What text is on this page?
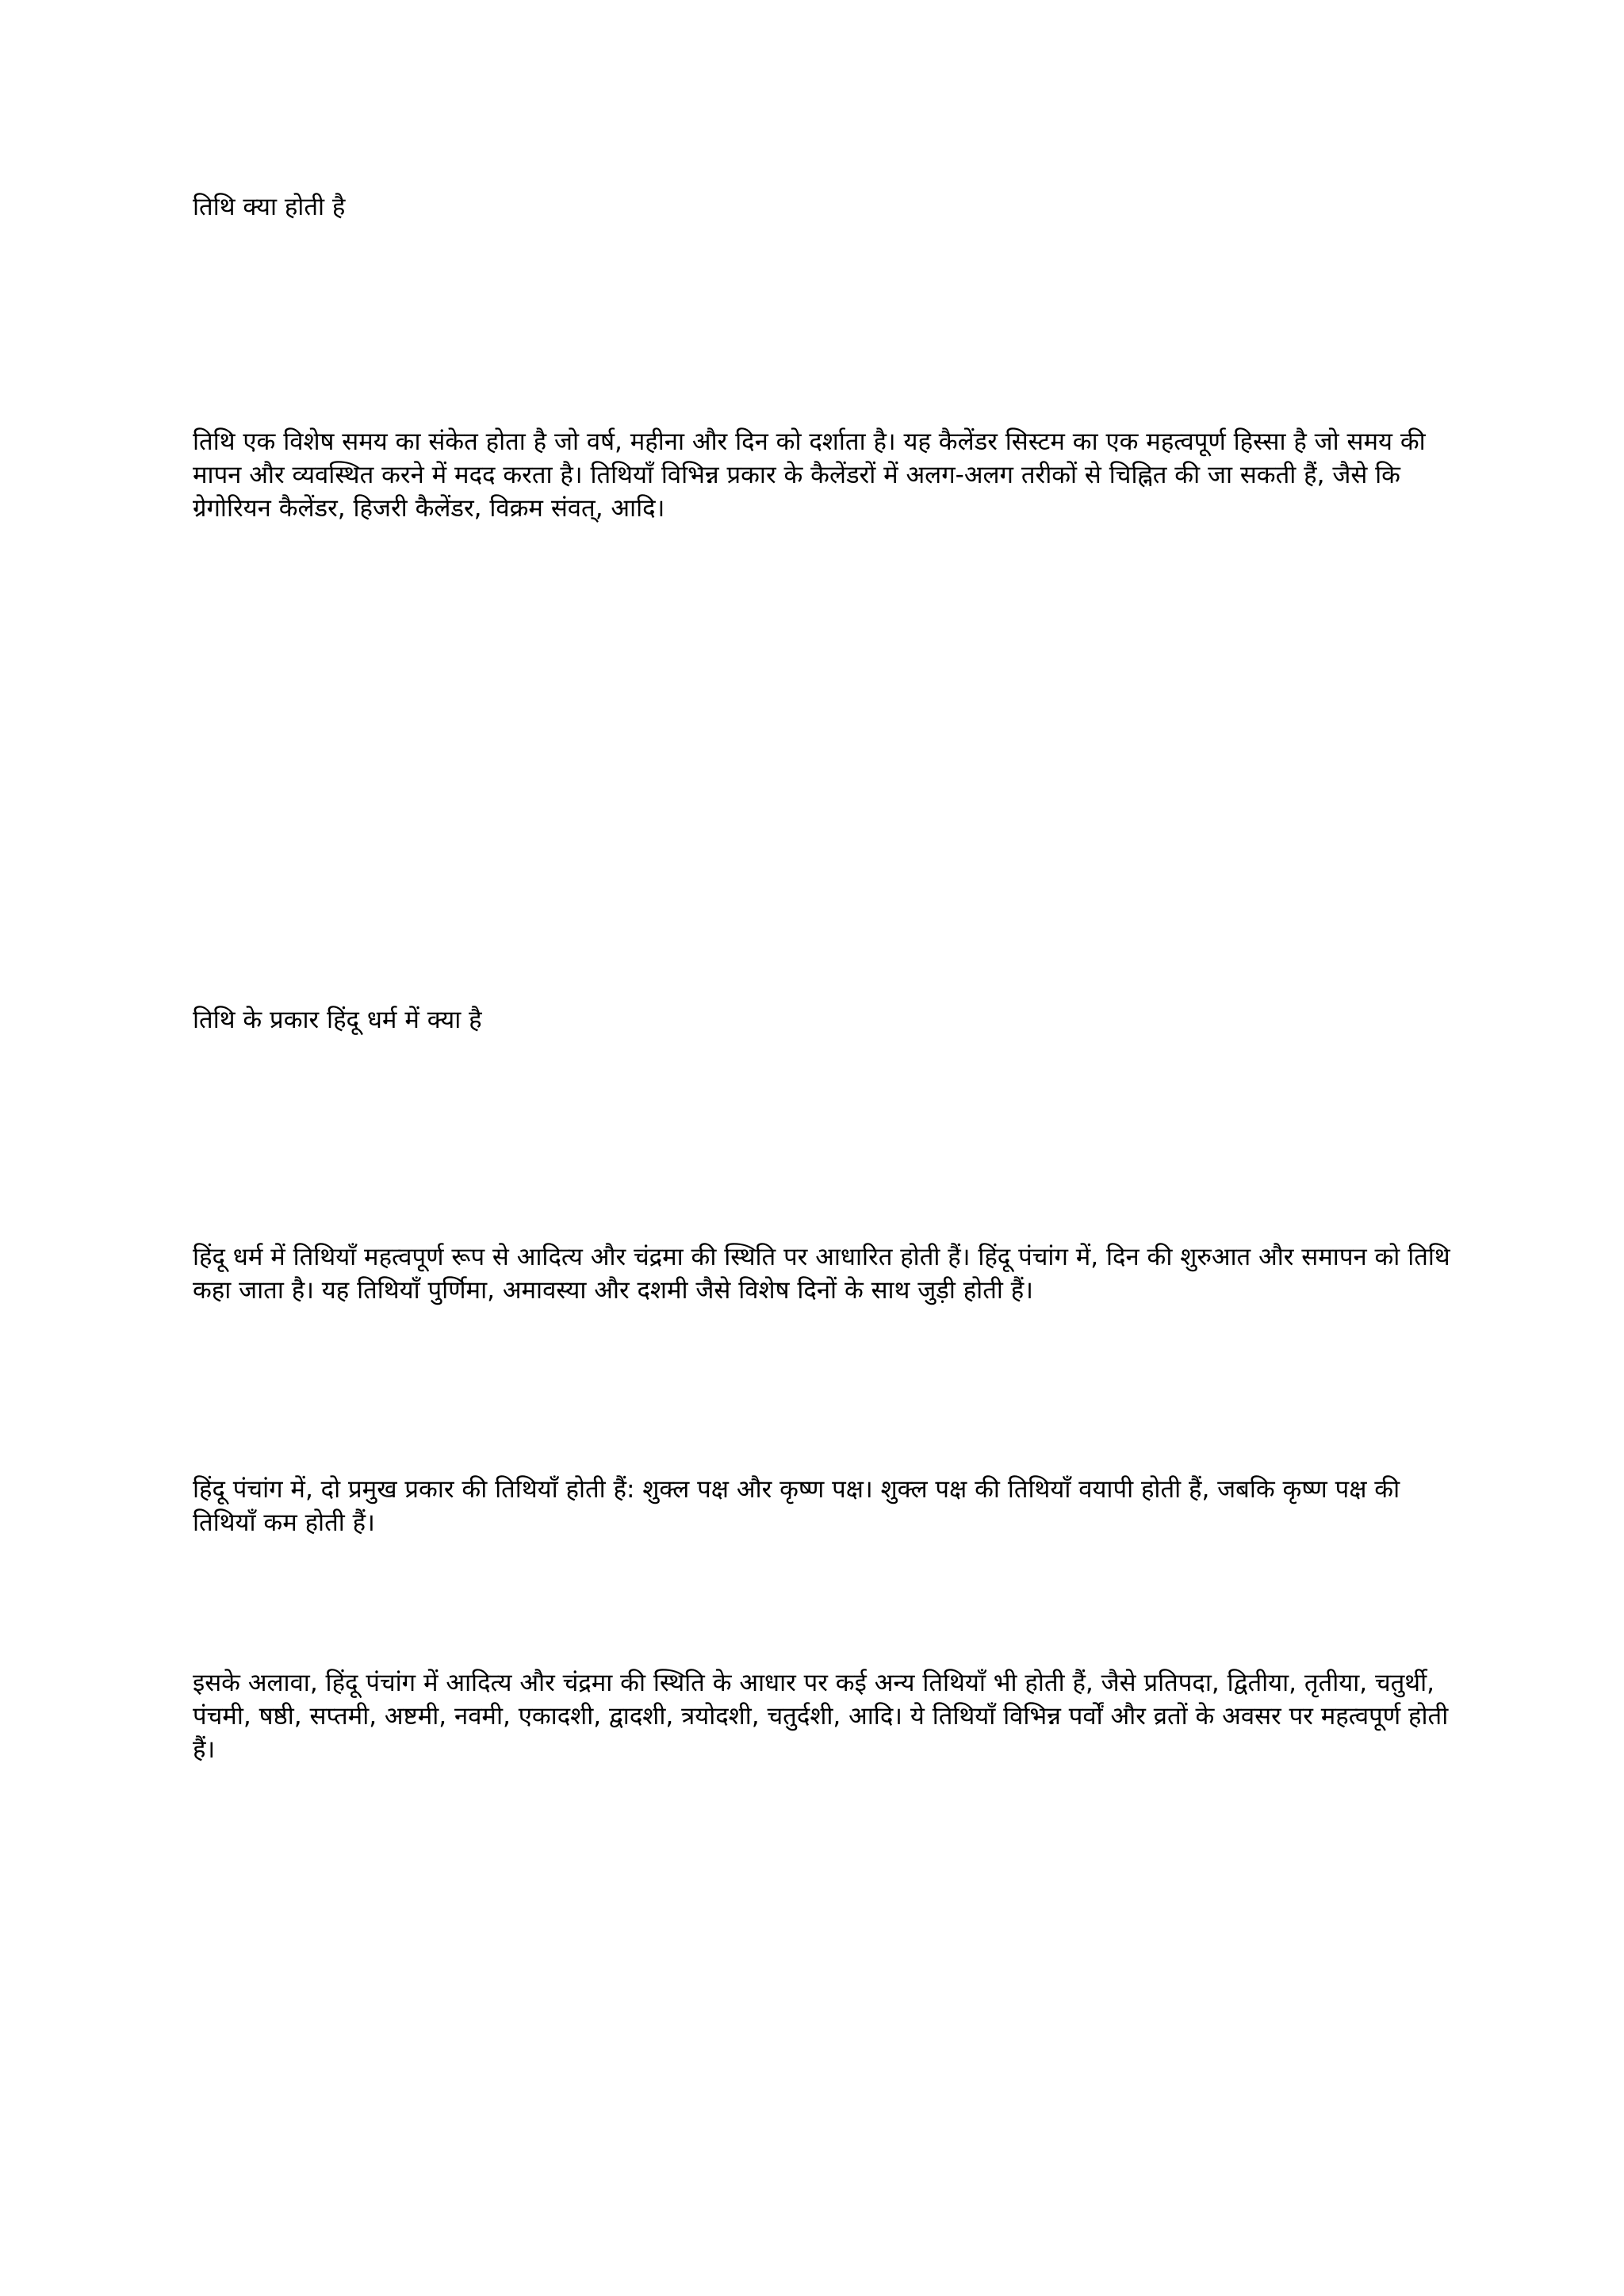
तिथि क्या होती है

तिथि एक विशेष समय का संकेत होता है जो वर्ष, महीना और दिन को दर्शाता है। यह कैलेंडर सिस्टम का एक महत्वपूर्ण हिस्सा है जो समय की मापन और व्यवस्थित करने में मदद करता है। तिथियाँ विभिन्न प्रकार के कैलेंडरों में अलग-अलग तरीकों से चिह्नित की जा सकती हैं, जैसे कि ग्रेगोरियन कैलेंडर, हिजरी कैलेंडर, विक्रम संवत्, आदि।

तिथि के प्रकार हिंदू धर्म में क्या है

हिंदू धर्म में तिथियाँ महत्वपूर्ण रूप से आदित्य और चंद्रमा की स्थिति पर आधारित होती हैं। हिंदू पंचांग में, दिन की शुरुआत और समापन को तिथि कहा जाता है। यह तिथियाँ पुर्णिमा, अमावस्या और दशमी जैसे विशेष दिनों के साथ जुड़ी होती हैं।

हिंदू पंचांग में, दो प्रमुख प्रकार की तिथियाँ होती हैं: शुक्ल पक्ष और कृष्ण पक्ष। शुक्ल पक्ष की तिथियाँ वयापी होती हैं, जबकि कृष्ण पक्ष की तिथियाँ कम होती हैं।

इसके अलावा, हिंदू पंचांग में आदित्य और चंद्रमा की स्थिति के आधार पर कई अन्य तिथियाँ भी होती हैं, जैसे प्रतिपदा, द्वितीया, तृतीया, चतुर्थी, पंचमी, षष्ठी, सप्तमी, अष्टमी, नवमी, एकादशी, द्वादशी, त्रयोदशी, चतुर्दशी, आदि। ये तिथियाँ विभिन्न पर्वों और व्रतों के अवसर पर महत्वपूर्ण होती हैं।
